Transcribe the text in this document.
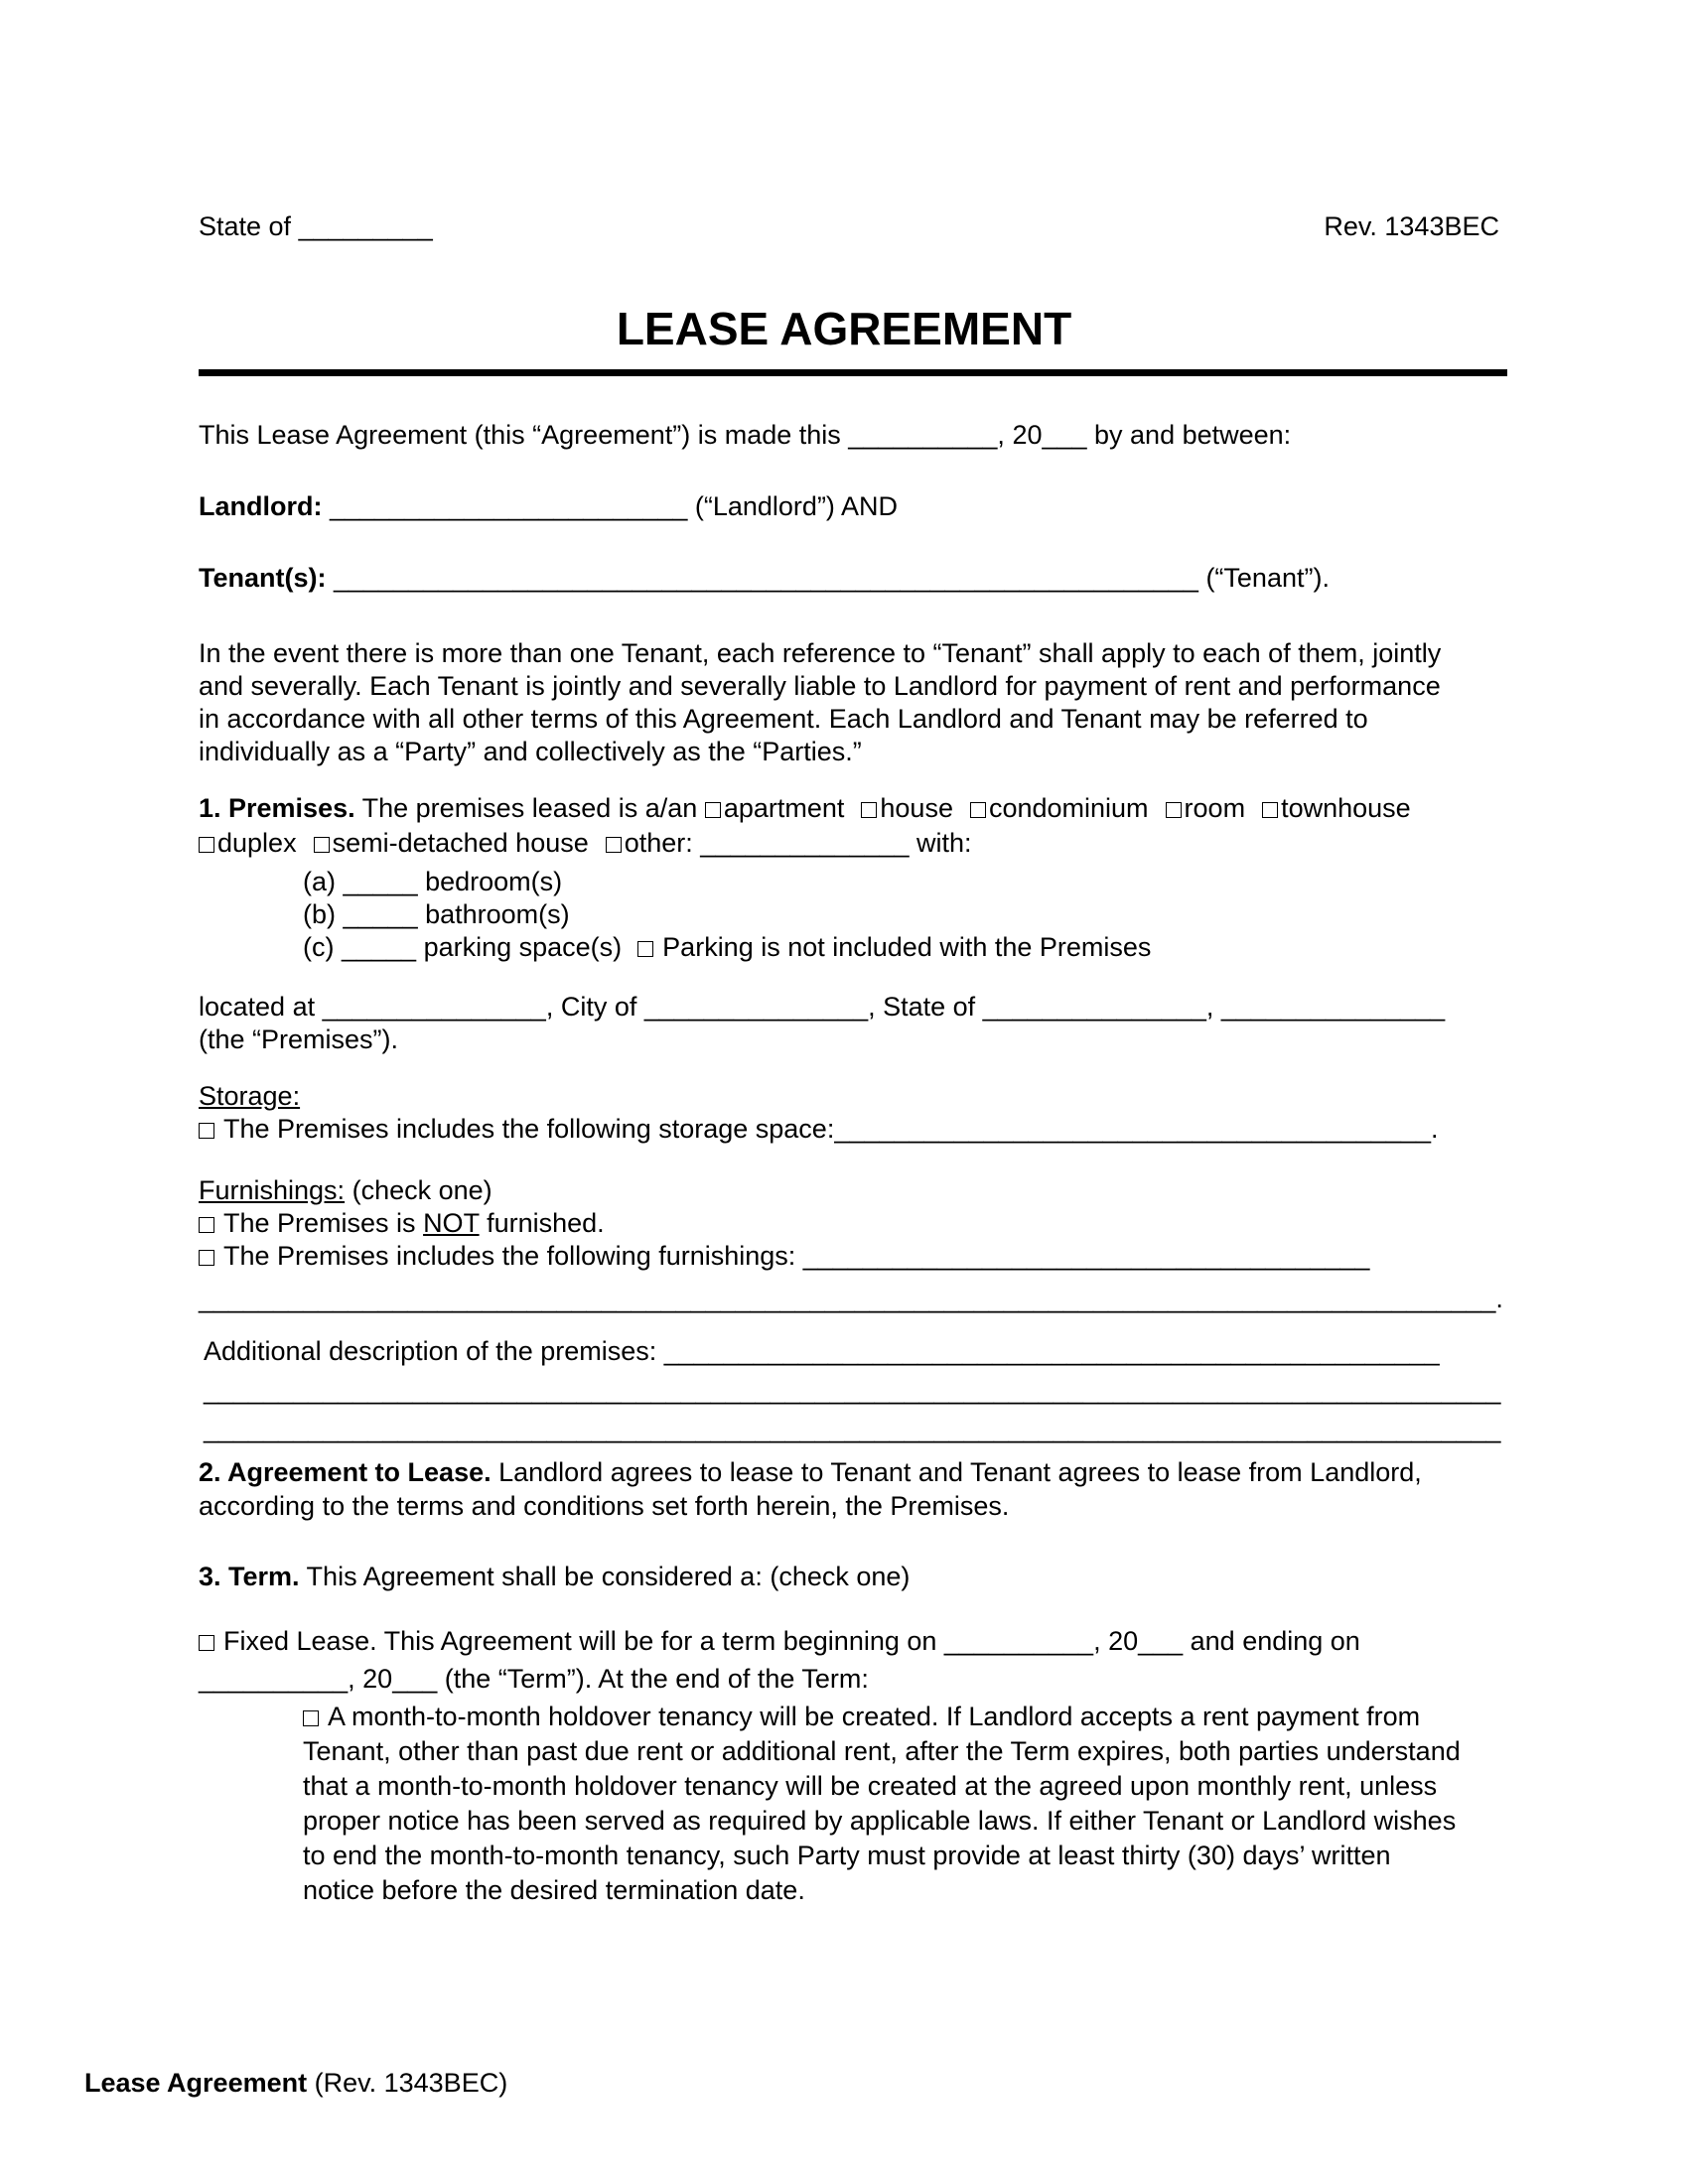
State of _________	Rev. 1343BEC
LEASE AGREEMENT
This Lease Agreement (this “Agreement”) is made this __________, 20___ by and between:
Landlord: ________________________ (“Landlord”) AND
Tenant(s): __________________________________________________________ (“Tenant”).
In the event there is more than one Tenant, each reference to “Tenant” shall apply to each of them, jointly
and severally. Each Tenant is jointly and severally liable to Landlord for payment of rent and performance
in accordance with all other terms of this Agreement. Each Landlord and Tenant may be referred to
individually as a “Party” and collectively as the “Parties.”
1. Premises. The premises leased is a/an apartment house condominium room townhouse
duplex semi-detached house other: ______________ with:
(a) _____ bedroom(s)
(b) _____ bathroom(s)
(c) _____ parking space(s) Parking is not included with the Premises
located at _______________, City of _______________, State of _______________, _______________
(the “Premises”).
Storage:
The Premises includes the following storage space:________________________________________.
Furnishings: (check one)
The Premises is NOT furnished.
The Premises includes the following furnishings: ______________________________________
_______________________________________________________________________________________.
Additional description of the premises: ____________________________________________________
_______________________________________________________________________________________
_______________________________________________________________________________________
2. Agreement to Lease. Landlord agrees to lease to Tenant and Tenant agrees to lease from Landlord,
according to the terms and conditions set forth herein, the Premises.
3. Term. This Agreement shall be considered a: (check one)
Fixed Lease. This Agreement will be for a term beginning on __________, 20___ and ending on
__________, 20___ (the “Term”). At the end of the Term:
A month-to-month holdover tenancy will be created. If Landlord accepts a rent payment from
Tenant, other than past due rent or additional rent, after the Term expires, both parties understand
that a month-to-month holdover tenancy will be created at the agreed upon monthly rent, unless
proper notice has been served as required by applicable laws. If either Tenant or Landlord wishes
to end the month-to-month tenancy, such Party must provide at least thirty (30) days’ written
notice before the desired termination date.
Lease Agreement (Rev. 1343BEC)
